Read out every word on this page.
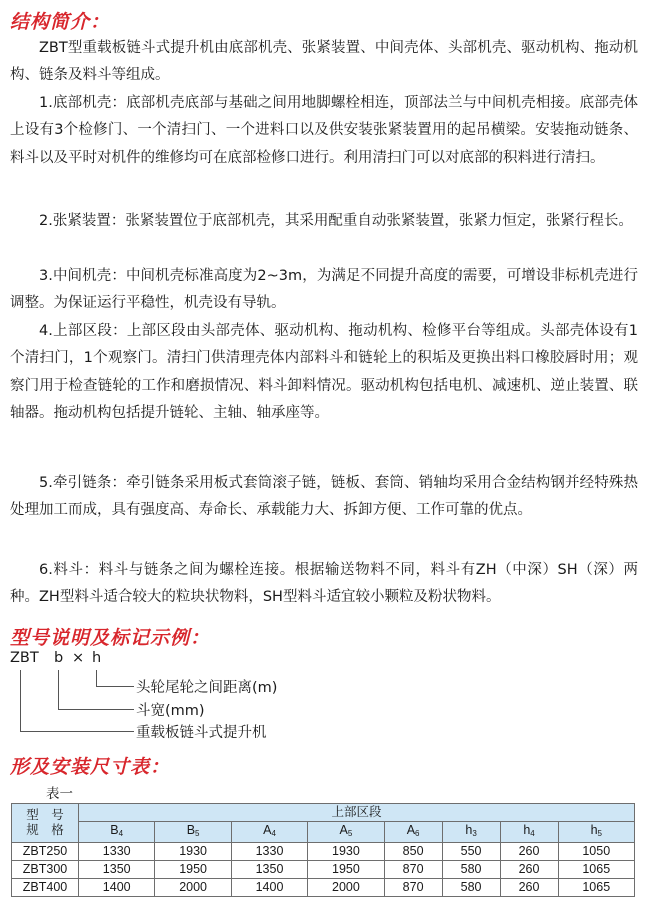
结构简介：

ZBT型重载板链斗式提升机由底部机壳、张紧装置、中间壳体、头部机壳、驱动机构、拖动机构、链条及料斗等组成。

1.底部机壳：底部机壳底部与基础之间用地脚螺栓相连，顶部法兰与中间机壳相接。底部壳体上设有3个检修门、一个清扫门、一个进料口以及供安装张紧装置用的起吊横梁。安装拖动链条、料斗以及平时对机件的维修均可在底部检修口进行。利用清扫门可以对底部的积料进行清扫。

2.张紧装置：张紧装置位于底部机壳，其采用配重自动张紧装置，张紧力恒定，张紧行程长。

3.中间机壳：中间机壳标准高度为2~3m，为满足不同提升高度的需要，可增设非标机壳进行调整。为保证运行平稳性，机壳设有导轨。

4.上部区段：上部区段由头部壳体、驱动机构、拖动机构、检修平台等组成。头部壳体设有1个清扫门，1个观察门。清扫门供清理壳体内部料斗和链轮上的积垢及更换出料口橡胶唇时用；观察门用于检查链轮的工作和磨损情况、料斗卸料情况。驱动机构包括电机、减速机、逆止装置、联轴器。拖动机构包括提升链轮、主轴、轴承座等。

5.牵引链条：牵引链条采用板式套筒滚子链，链板、套筒、销轴均采用合金结构钢并经特殊热处理加工而成，具有强度高、寿命长、承载能力大、拆卸方便、工作可靠的优点。

6.料斗：料斗与链条之间为螺栓连接。根据输送物料不同，料斗有ZH（中深）SH（深）两种。ZH型料斗适合较大的粒块状物料，SH型料斗适宜较小颗粒及粉状物料。

型号说明及标记示例：
ZBT b × h
头轮尾轮之间距离(m)
斗宽(mm)
重载板链斗式提升机
形及安装尺寸表：
表一
型　号
规　格	上部区段							
	$B_4$	$B_5$	$A_4$	$A_5$	$A_6$	$h_3$	$h_4$	$h_5$
ZBT250	1330	1930	1330	1930	850	550	260	1050
ZBT300	1350	1950	1350	1950	870	580	260	1065
ZBT400	1400	2000	1400	2000	870	580	260	1065
